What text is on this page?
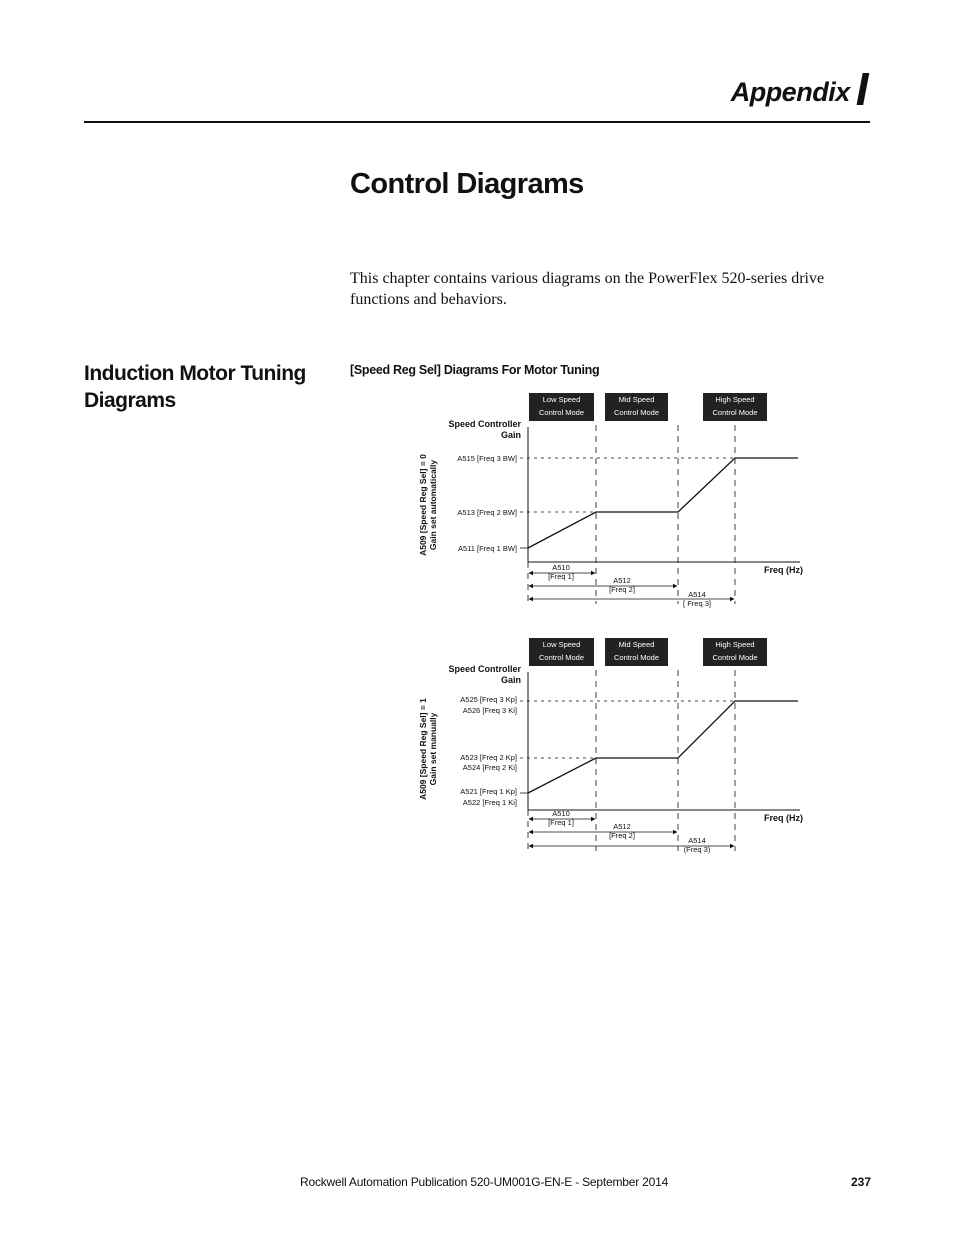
Appendix I
Control Diagrams
This chapter contains various diagrams on the PowerFlex 520-series drive functions and behaviors.
Induction Motor Tuning Diagrams
[Speed Reg Sel] Diagrams For Motor Tuning
Low Speed
Control Mode
Mid Speed
Control Mode
High Speed
Control Mode
Speed Controller
Gain
A509 [Speed Reg Sel] = 0 Gain set automatically
A515 [Freq 3 BW]
A513 [Freq 2 BW]
A511 [Freq 1 BW]
A510
[Freq 1]	A512
[Freq 2]
A514
[ Freq 3]
Freq (Hz)
Low Speed
Control Mode
Mid Speed
Control Mode
High Speed
Control Mode
Speed Controller
Gain
A509 [Speed Reg Sel] = 1 Gain set manually
A525 [Freq 3 Kp]
A526 [Freq 3 Ki]
A523 [Freq 2 Kp]
A524 [Freq 2 Ki]
A521 [Freq 1 Kp]
A522 [Freq 1 Ki]
A510
[Freq 1]	A512
[Freq 2]
A514
(Freq 3)
Freq (Hz)
Rockwell Automation Publication 520-UM001G-EN-E - September 2014	237
